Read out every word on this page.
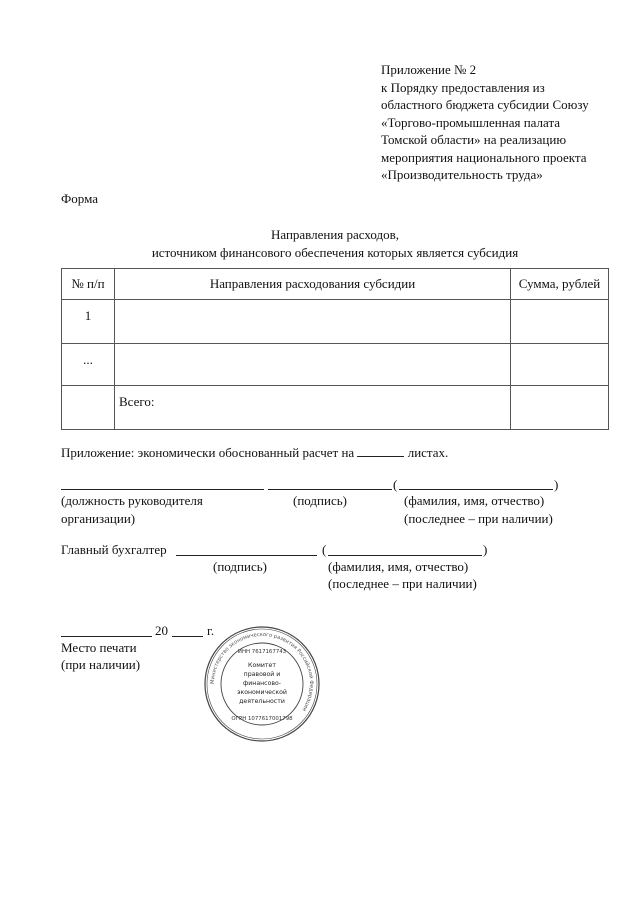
Приложение № 2
к Порядку предоставления из
областного бюджета субсидии Союзу
«Торгово-промышленная палата
Томской области» на реализацию
мероприятия национального проекта
«Производительность труда»
Форма
Направления расходов,
источником финансового обеспечения которых является субсидия
№ п/п	Направления расходования субсидии	Сумма, рублей
1		
...		
	Всего:	
Приложение: экономически обоснованный расчет на	листах.
(	)
(должность руководителя
организации)
(подпись)	(фамилия, имя, отчество)
(последнее – при наличии)
Главный бухгалтер	(	)
(подпись)	(фамилия, имя, отчество)
(последнее – при наличии)
20	г.
Место печати
(при наличии)
Министерство экономического развития Российской Федерации
ИНН 7617167743
Комитет
правовой и
финансово-
экономической
деятельности
ОГРН 1077617001798
